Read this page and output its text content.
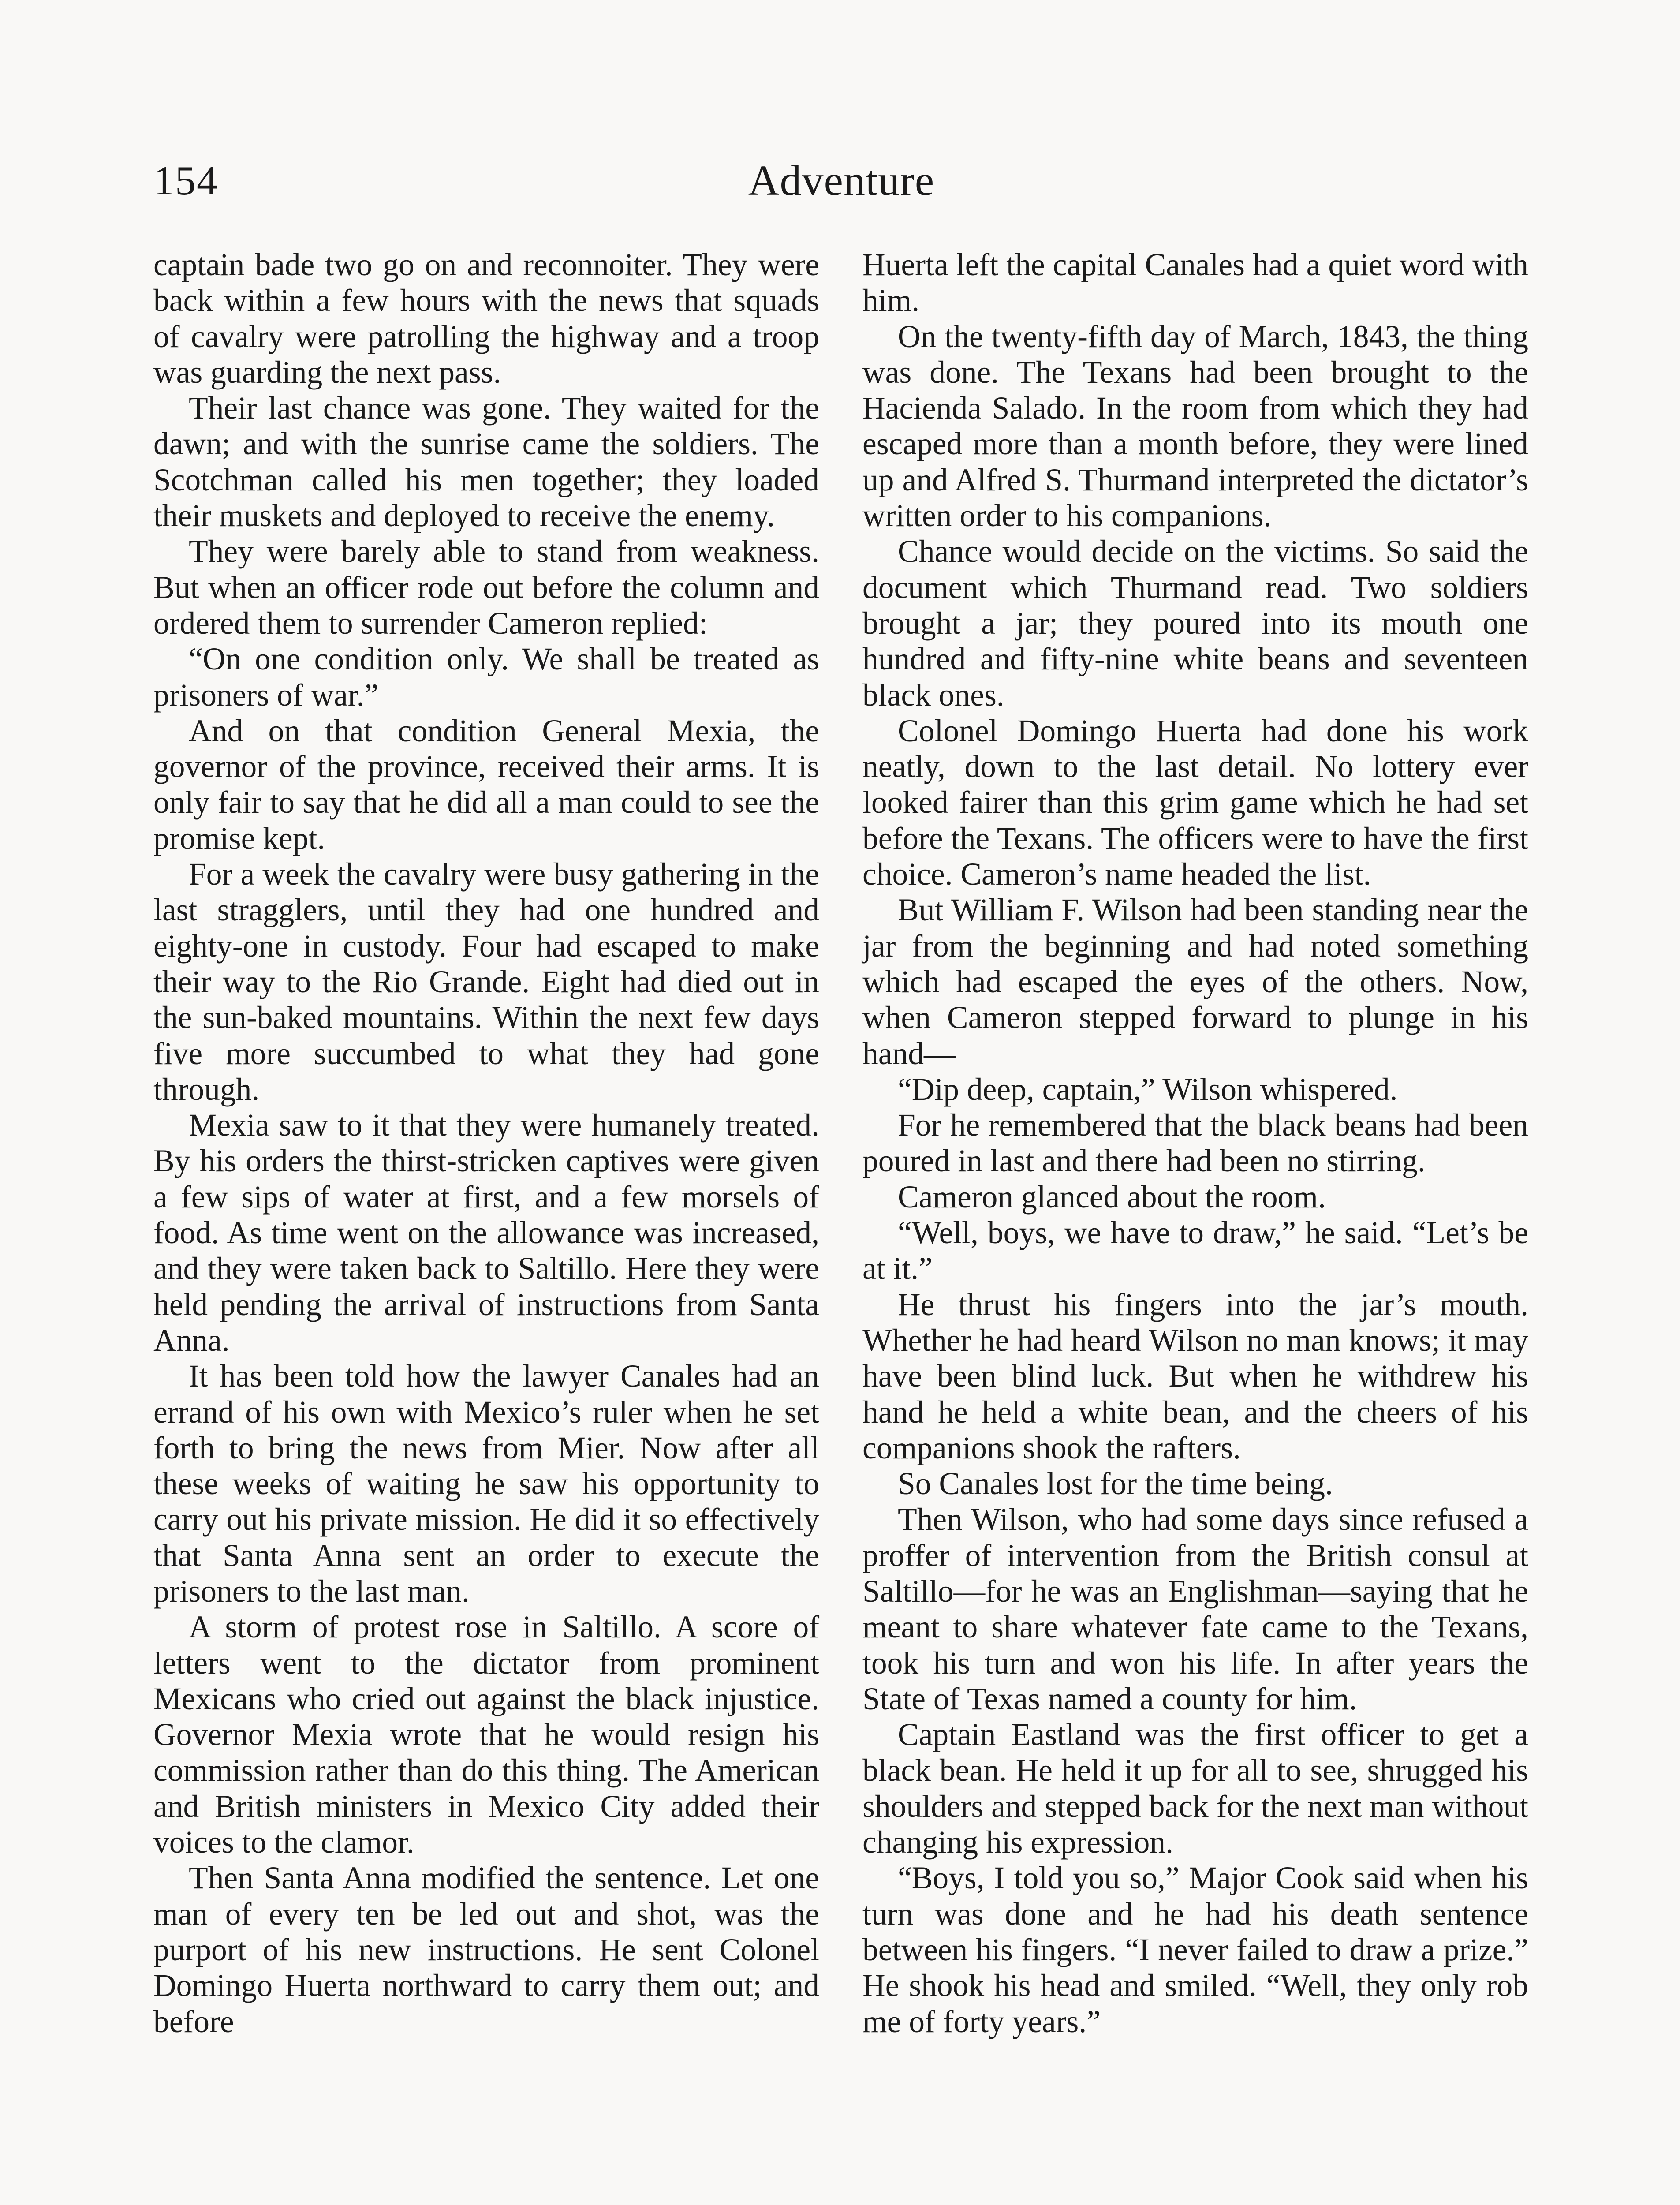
154	Adventure

captain bade two go on and reconnoiter. They were back within a few hours with the news that squads of cavalry were patrolling the highway and a troop was guarding the next pass.

Their last chance was gone. They waited for the dawn; and with the sunrise came the soldiers. The Scotchman called his men together; they loaded their muskets and deployed to receive the enemy.

They were barely able to stand from weakness. But when an officer rode out before the column and ordered them to surrender Cameron replied:

“On one condition only. We shall be treated as prisoners of war.”

And on that condition General Mexia, the governor of the province, received their arms. It is only fair to say that he did all a man could to see the promise kept.

For a week the cavalry were busy gathering in the last stragglers, until they had one hundred and eighty-one in custody. Four had escaped to make their way to the Rio Grande. Eight had died out in the sun-baked mountains. Within the next few days five more succumbed to what they had gone through.

Mexia saw to it that they were humanely treated. By his orders the thirst-stricken captives were given a few sips of water at first, and a few morsels of food. As time went on the allowance was increased, and they were taken back to Saltillo. Here they were held pending the arrival of instructions from Santa Anna.

It has been told how the lawyer Canales had an errand of his own with Mexico’s ruler when he set forth to bring the news from Mier. Now after all these weeks of waiting he saw his opportunity to carry out his private mission. He did it so effectively that Santa Anna sent an order to execute the prisoners to the last man.

A storm of protest rose in Saltillo. A score of letters went to the dictator from prominent Mexicans who cried out against the black injustice. Governor Mexia wrote that he would resign his commission rather than do this thing. The American and British ministers in Mexico City added their voices to the clamor.

Then Santa Anna modified the sentence. Let one man of every ten be led out and shot, was the purport of his new instructions. He sent Colonel Domingo Huerta northward to carry them out; and before

Huerta left the capital Canales had a quiet word with him.

On the twenty-fifth day of March, 1843, the thing was done. The Texans had been brought to the Hacienda Salado. In the room from which they had escaped more than a month before, they were lined up and Alfred S. Thurmand interpreted the dictator’s written order to his companions.

Chance would decide on the victims. So said the document which Thurmand read. Two soldiers brought a jar; they poured into its mouth one hundred and fifty-nine white beans and seventeen black ones.

Colonel Domingo Huerta had done his work neatly, down to the last detail. No lottery ever looked fairer than this grim game which he had set before the Texans. The officers were to have the first choice. Cameron’s name headed the list.

But William F. Wilson had been standing near the jar from the beginning and had noted something which had escaped the eyes of the others. Now, when Cameron stepped forward to plunge in his hand—

“Dip deep, captain,” Wilson whispered.

For he remembered that the black beans had been poured in last and there had been no stirring.

Cameron glanced about the room.

“Well, boys, we have to draw,” he said. “Let’s be at it.”

He thrust his fingers into the jar’s mouth. Whether he had heard Wilson no man knows; it may have been blind luck. But when he withdrew his hand he held a white bean, and the cheers of his companions shook the rafters.

So Canales lost for the time being.

Then Wilson, who had some days since refused a proffer of intervention from the British consul at Saltillo—for he was an Englishman—saying that he meant to share whatever fate came to the Texans, took his turn and won his life. In after years the State of Texas named a county for him.

Captain Eastland was the first officer to get a black bean. He held it up for all to see, shrugged his shoulders and stepped back for the next man without changing his expression.

“Boys, I told you so,” Major Cook said when his turn was done and he had his death sentence between his fingers. “I never failed to draw a prize.” He shook his head and smiled. “Well, they only rob me of forty years.”
